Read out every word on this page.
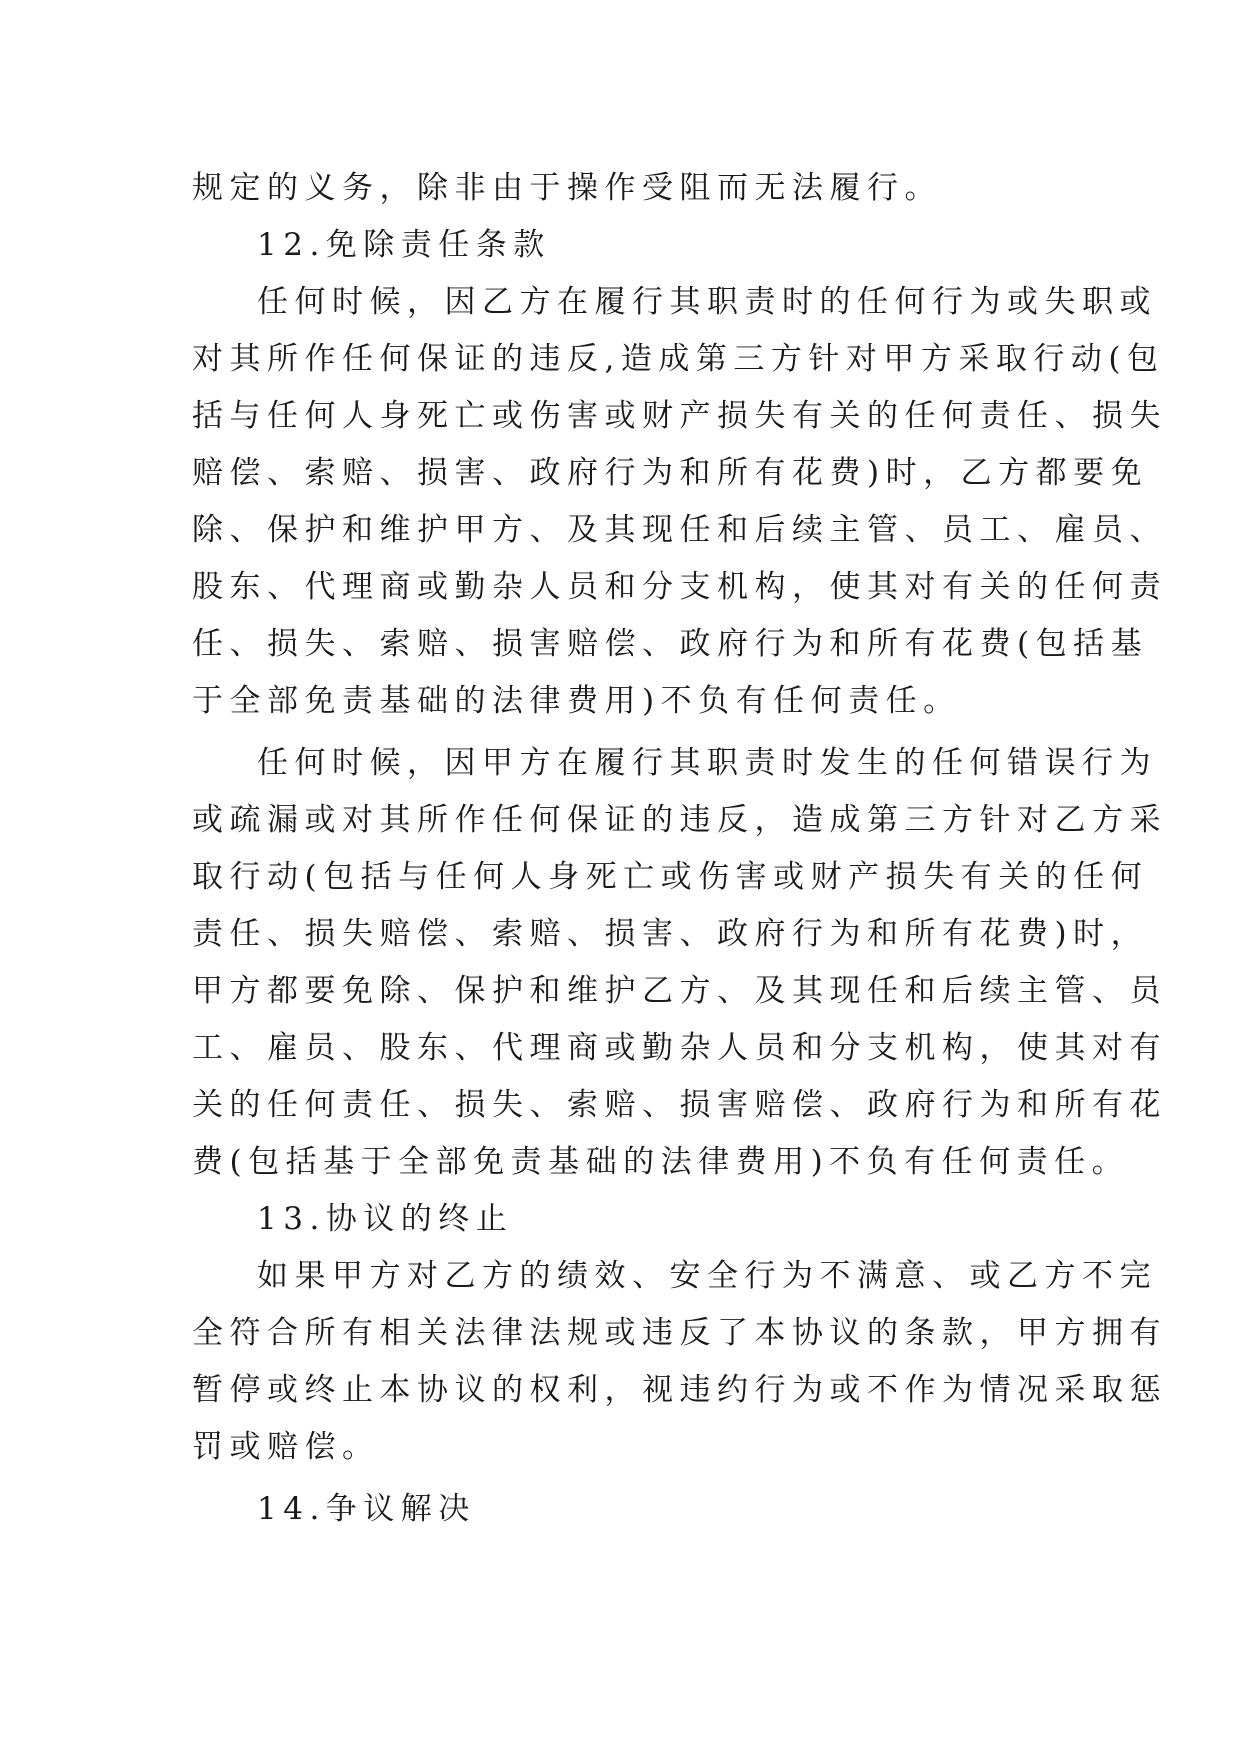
规定的义务，除非由于操作受阻而无法履行。
12.免除责任条款
任何时候，因乙方在履行其职责时的任何行为或失职或
对其所作任何保证的违反,造成第三方针对甲方采取行动(包
括与任何人身死亡或伤害或财产损失有关的任何责任、损失
赔偿、索赔、损害、政府行为和所有花费)时，乙方都要免
除、保护和维护甲方、及其现任和后续主管、员工、雇员、
股东、代理商或勤杂人员和分支机构，使其对有关的任何责
任、损失、索赔、损害赔偿、政府行为和所有花费(包括基
于全部免责基础的法律费用)不负有任何责任。
任何时候，因甲方在履行其职责时发生的任何错误行为
或疏漏或对其所作任何保证的违反，造成第三方针对乙方采
取行动(包括与任何人身死亡或伤害或财产损失有关的任何
责任、损失赔偿、索赔、损害、政府行为和所有花费)时，
甲方都要免除、保护和维护乙方、及其现任和后续主管、员
工、雇员、股东、代理商或勤杂人员和分支机构，使其对有
关的任何责任、损失、索赔、损害赔偿、政府行为和所有花
费(包括基于全部免责基础的法律费用)不负有任何责任。
13.协议的终止
如果甲方对乙方的绩效、安全行为不满意、或乙方不完
全符合所有相关法律法规或违反了本协议的条款，甲方拥有
暂停或终止本协议的权利，视违约行为或不作为情况采取惩
罚或赔偿。
14.争议解决
